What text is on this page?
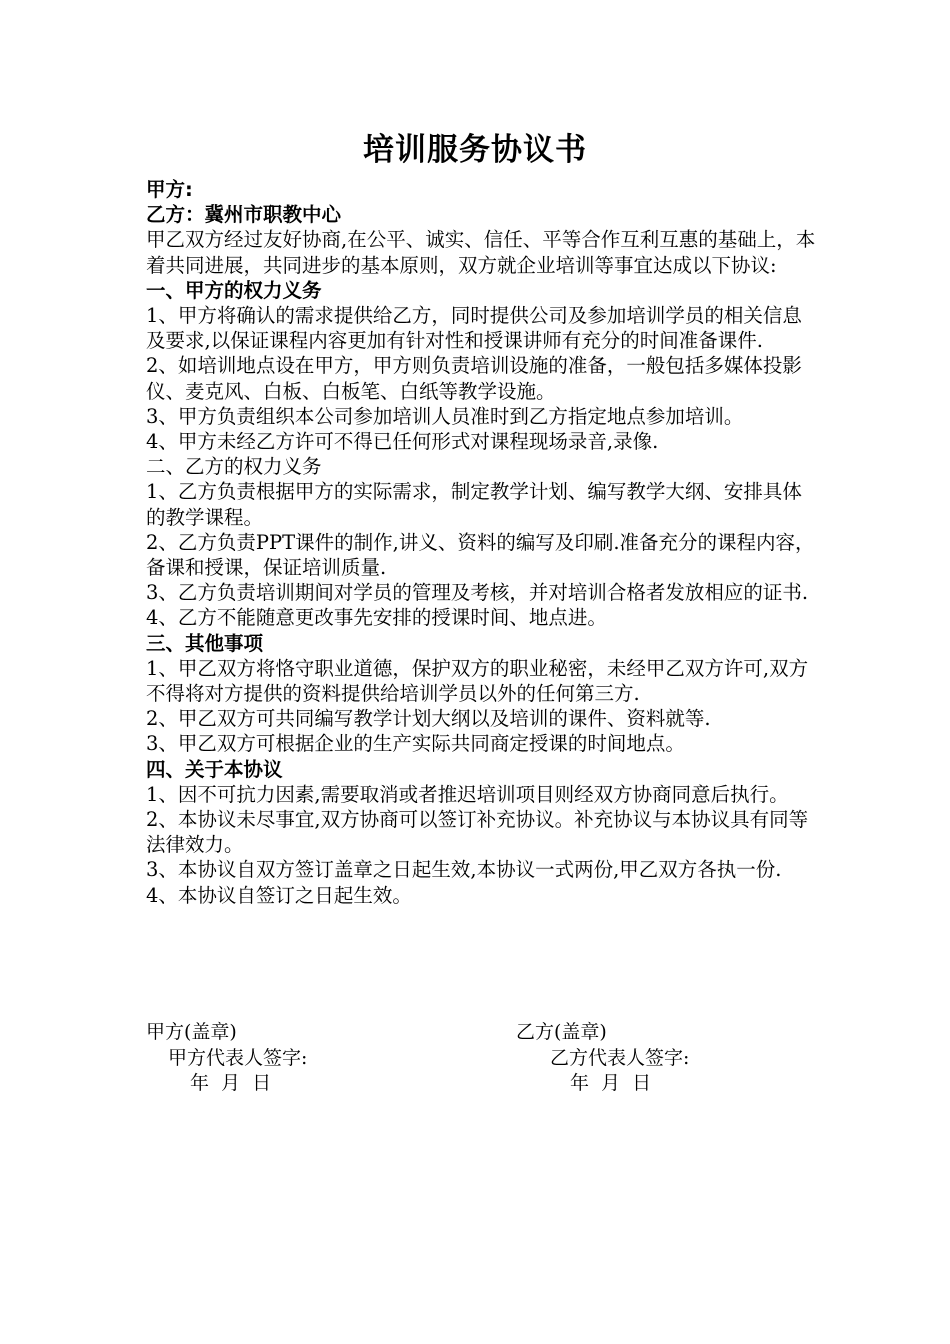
培训服务协议书

甲方:

乙方：冀州市职教中心

甲乙双方经过友好协商,在公平、诚实、信任、平等合作互利互惠的基础上，本着共同进展，共同进步的基本原则，双方就企业培训等事宜达成以下协议:

一、甲方的权力义务

1、甲方将确认的需求提供给乙方，同时提供公司及参加培训学员的相关信息及要求,以保证课程内容更加有针对性和授课讲师有充分的时间准备课件.

2、如培训地点设在甲方，甲方则负责培训设施的准备，一般包括多媒体投影仪、麦克风、白板、白板笔、白纸等教学设施。

3、甲方负责组织本公司参加培训人员准时到乙方指定地点参加培训。

4、甲方未经乙方许可不得已任何形式对课程现场录音,录像.

二、乙方的权力义务

1、乙方负责根据甲方的实际需求，制定教学计划、编写教学大纲、安排具体的教学课程。

2、乙方负责PPT课件的制作,讲义、资料的编写及印刷.准备充分的课程内容，备课和授课，保证培训质量.

3、乙方负责培训期间对学员的管理及考核，并对培训合格者发放相应的证书.

4、乙方不能随意更改事先安排的授课时间、地点进。

三、其他事项

1、甲乙双方将恪守职业道德，保护双方的职业秘密，未经甲乙双方许可,双方不得将对方提供的资料提供给培训学员以外的任何第三方.

2、甲乙双方可共同编写教学计划大纲以及培训的课件、资料就等.

3、甲乙双方可根据企业的生产实际共同商定授课的时间地点。

四、关于本协议

1、因不可抗力因素,需要取消或者推迟培训项目则经双方协商同意后执行。

2、本协议未尽事宜,双方协商可以签订补充协议。补充协议与本协议具有同等法律效力。

3、本协议自双方签订盖章之日起生效,本协议一式两份,甲乙双方各执一份.

4、本协议自签订之日起生效。

甲方(盖章)	乙方(盖章)
甲方代表人签字:	乙方代表人签字:
年  月  日	年  月  日
